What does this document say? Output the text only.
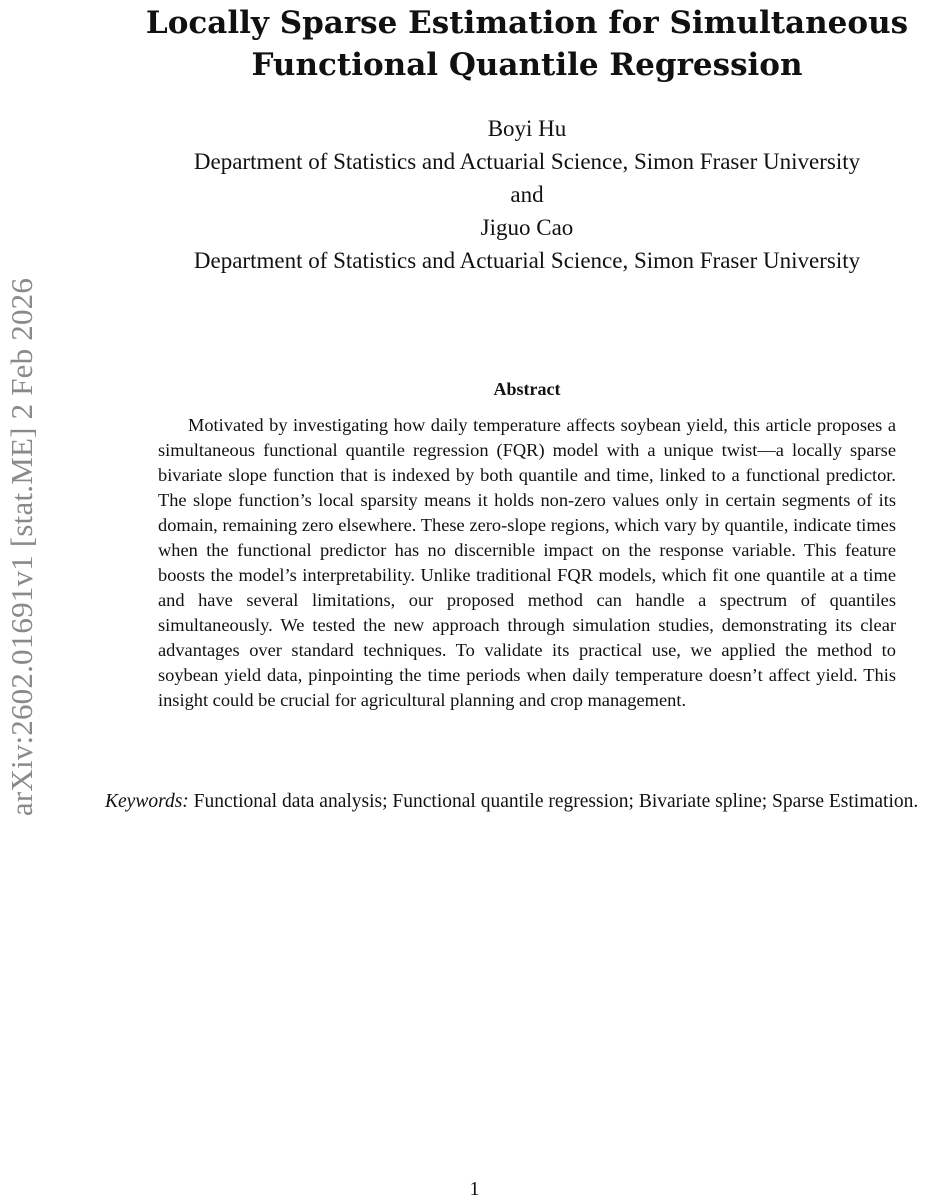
arXiv:2602.01691v1 [stat.ME] 2 Feb 2026
Locally Sparse Estimation for Simultaneous
Functional Quantile Regression
Boyi Hu
Department of Statistics and Actuarial Science, Simon Fraser University
and
Jiguo Cao
Department of Statistics and Actuarial Science, Simon Fraser University
Abstract

Motivated by investigating how daily temperature affects soybean yield, this article proposes a simultaneous functional quantile regression (FQR) model with a unique twist—a locally sparse bivariate slope function that is indexed by both quantile and time, linked to a functional predictor. The slope function’s local sparsity means it holds non-zero values only in certain segments of its domain, remaining zero elsewhere. These zero-slope regions, which vary by quantile, indicate times when the functional predictor has no discernible impact on the response variable. This feature boosts the model’s interpretability. Unlike traditional FQR models, which fit one quantile at a time and have several limitations, our proposed method can handle a spectrum of quantiles simultaneously. We tested the new approach through simulation studies, demonstrating its clear advantages over standard techniques. To validate its practical use, we applied the method to soybean yield data, pinpointing the time periods when daily temperature doesn’t affect yield. This insight could be crucial for agricultural planning and crop management.

Keywords: Functional data analysis; Functional quantile regression; Bivariate spline; Sparse Estimation.

1
